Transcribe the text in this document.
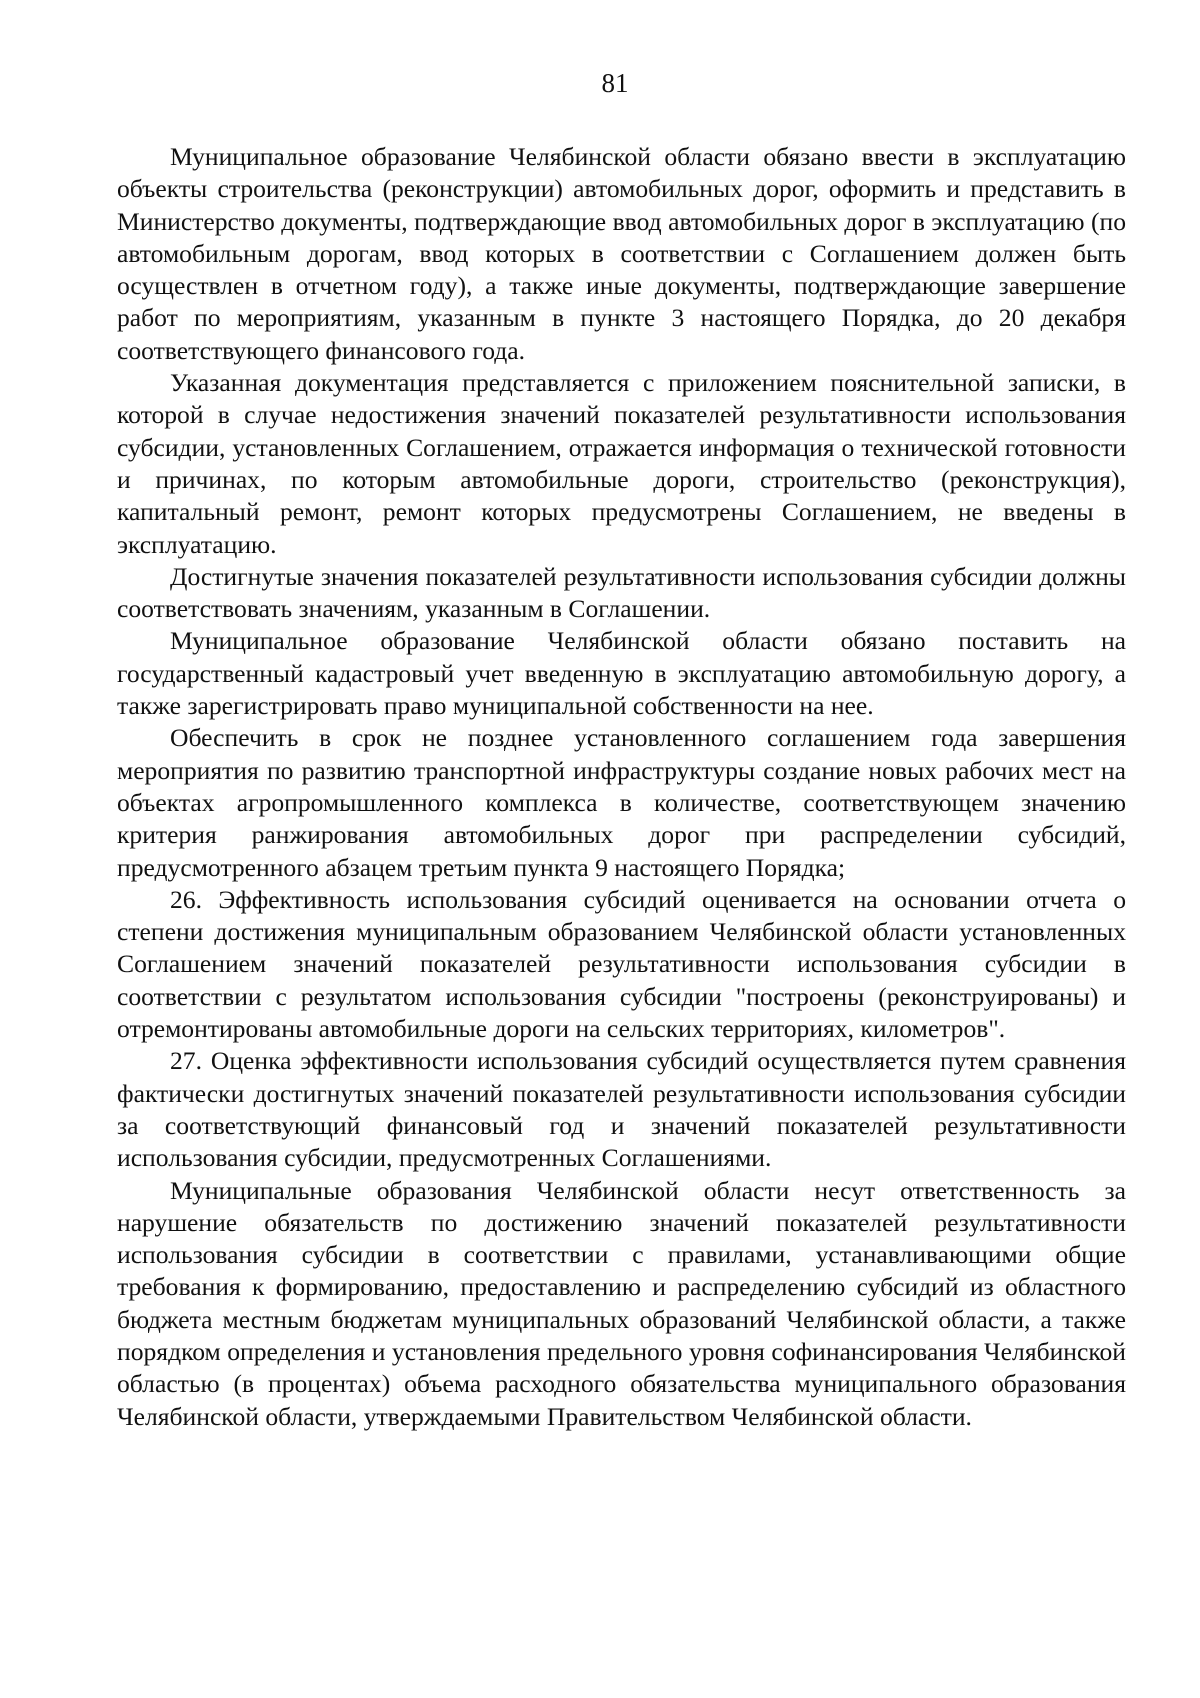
81

Муниципальное образование Челябинской области обязано ввести в эксплуатацию объекты строительства (реконструкции) автомобильных дорог, оформить и представить в Министерство документы, подтверждающие ввод автомобильных дорог в эксплуатацию (по автомобильным дорогам, ввод которых в соответствии с Соглашением должен быть осуществлен в отчетном году), а также иные документы, подтверждающие завершение работ по мероприятиям, указанным в пункте 3 настоящего Порядка, до 20 декабря соответствующего финансового года.

Указанная документация представляется с приложением пояснительной записки, в которой в случае недостижения значений показателей результативности использования субсидии, установленных Соглашением, отражается информация о технической готовности и причинах, по которым автомобильные дороги, строительство (реконструкция), капитальный ремонт, ремонт которых предусмотрены Соглашением, не введены в эксплуатацию.

Достигнутые значения показателей результативности использования субсидии должны соответствовать значениям, указанным в Соглашении.

Муниципальное образование Челябинской области обязано поставить на государственный кадастровый учет введенную в эксплуатацию автомобильную дорогу, а также зарегистрировать право муниципальной собственности на нее.

Обеспечить в срок не позднее установленного соглашением года завершения мероприятия по развитию транспортной инфраструктуры создание новых рабочих мест на объектах агропромышленного комплекса в количестве, соответствующем значению критерия ранжирования автомобильных дорог при распределении субсидий, предусмотренного абзацем третьим пункта 9 настоящего Порядка;

26. Эффективность использования субсидий оценивается на основании отчета о степени достижения муниципальным образованием Челябинской области установленных Соглашением значений показателей результативности использования субсидии в соответствии с результатом использования субсидии "построены (реконструированы) и отремонтированы автомобильные дороги на сельских территориях, километров".

27. Оценка эффективности использования субсидий осуществляется путем сравнения фактически достигнутых значений показателей результативности использования субсидии за соответствующий финансовый год и значений показателей результативности использования субсидии, предусмотренных Соглашениями.

Муниципальные образования Челябинской области несут ответственность за нарушение обязательств по достижению значений показателей результативности использования субсидии в соответствии с правилами, устанавливающими общие требования к формированию, предоставлению и распределению субсидий из областного бюджета местным бюджетам муниципальных образований Челябинской области, а также порядком определения и установления предельного уровня софинансирования Челябинской областью (в процентах) объема расходного обязательства муниципального образования Челябинской области, утверждаемыми Правительством Челябинской области.
